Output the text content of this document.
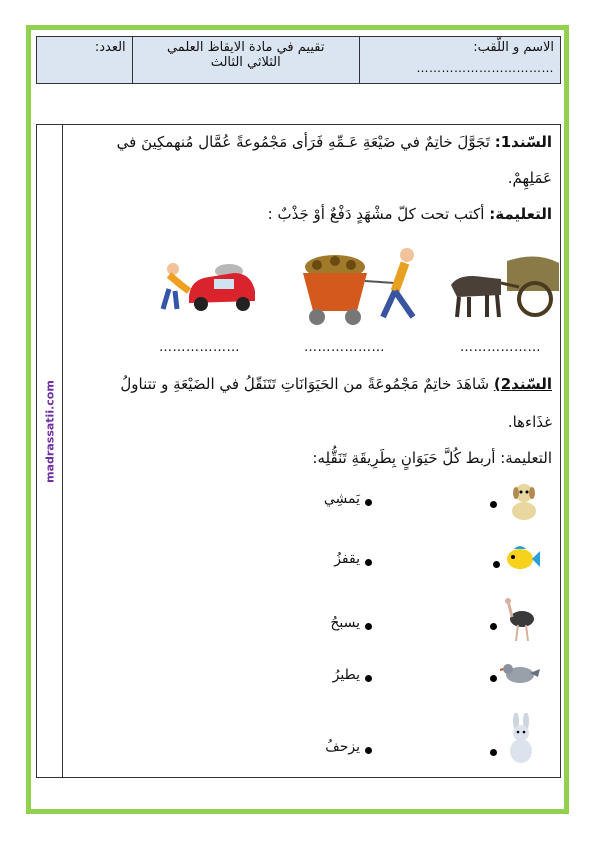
الاسم و اللّقب:
……………………………
تقييم في مادة الايقاظ العلمي
الثلاثي الثالث
العدد:
madrassatii.com
السّند1: تَجَوَّلَ خاتِمٌ في ضَيْعَةِ عَـمِّهِ فَرَأى مَجْمُوعةً عُمَّال مُنهمكِينَ في
عَمَلِهِمْ.
التعليمة: أكتب تحت كلّ مشْهَدٍ دَفْعٌ أوْ جَذْبٌ :
………………	………………	………………
السّند2) شَاهَدَ خاتِمٌ مَجْمُوعَةً من الحَيَوَانَاتِ تَتَنَقّلُ في الضَيْعَةِ و تتناولُ
غذَاءها.
التعليمة: أربط كُلَّ حَيَوَانٍ بِطَرِيقَةِ تَنَقُّلِه:
يَمشِي
يقفزُ
يسبحُ
يطيرُ
يزحفُ
